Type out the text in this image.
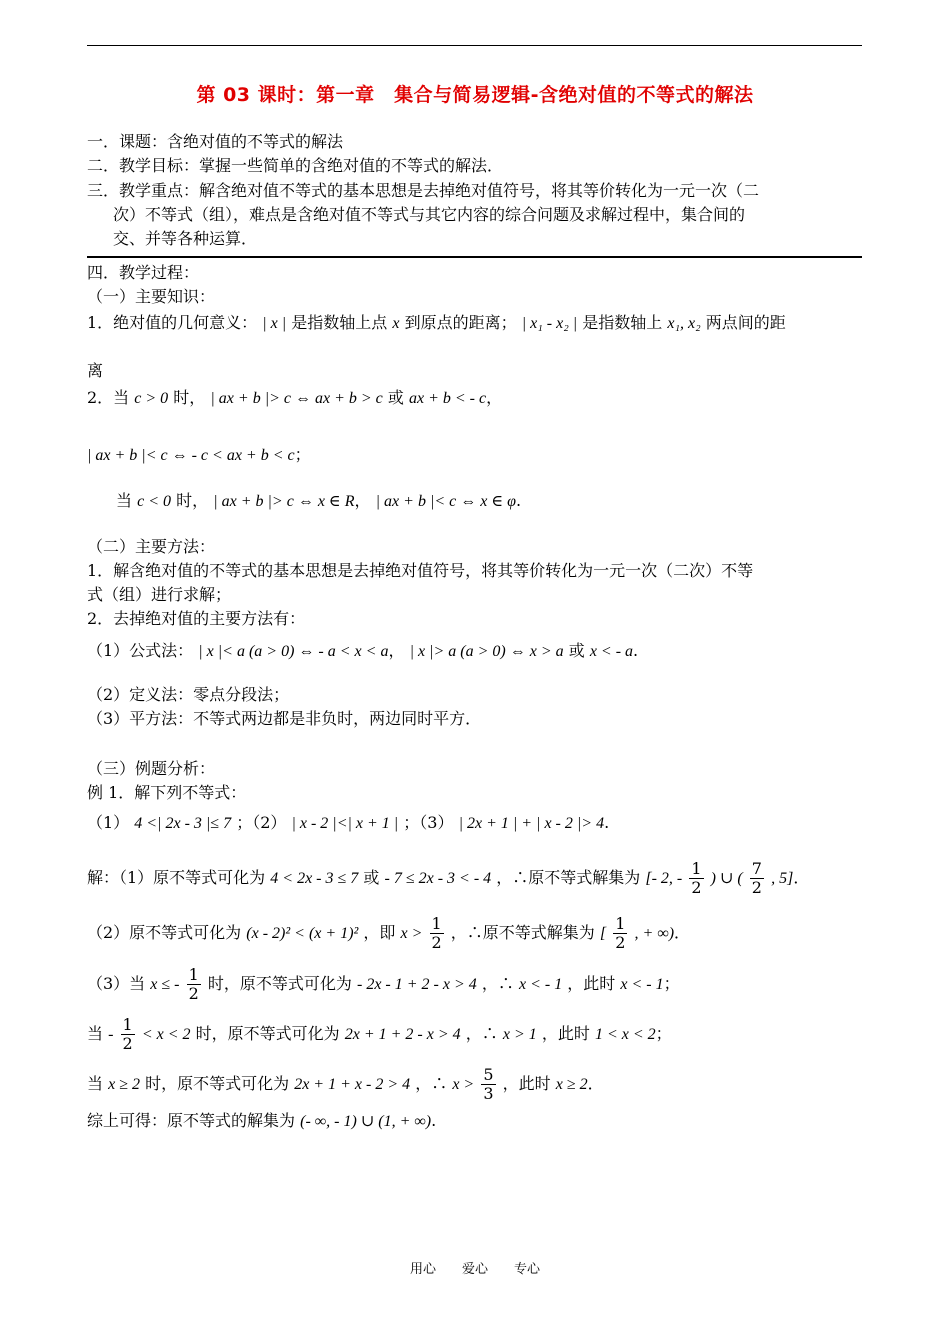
第 03 课时：第一章　集合与简易逻辑-含绝对值的不等式的解法
一．课题：含绝对值的不等式的解法
二．教学目标：掌握一些简单的含绝对值的不等式的解法．
三．教学重点：解含绝对值不等式的基本思想是去掉绝对值符号，将其等价转化为一元一次（二
次）不等式（组），难点是含绝对值不等式与其它内容的综合问题及求解过程中，集合间的
交、并等各种运算．
四．教学过程：
（一）主要知识：
1．绝对值的几何意义： | x | 是指数轴上点 x 到原点的距离； | x₁ - x₂ | 是指数轴上 x₁, x₂ 两点间的距
离
2．当 c > 0 时， | ax + b |> c ⇔ ax + b > c 或 ax + b < - c，
| ax + b |< c ⇔ - c < ax + b < c；
当 c < 0 时， | ax + b |> c ⇔ x ∈ R， | ax + b |< c ⇔ x ∈ φ.
（二）主要方法：
1．解含绝对值的不等式的基本思想是去掉绝对值符号，将其等价转化为一元一次（二次）不等
式（组）进行求解；
2．去掉绝对值的主要方法有：
（1）公式法： | x |< a (a > 0) ⇔ - a < x < a， | x |> a (a > 0) ⇔ x > a 或 x < - a.
（2）定义法：零点分段法；
（3）平方法：不等式两边都是非负时，两边同时平方．
（三）例题分析：
例 1．解下列不等式：
（1） 4 <| 2x - 3 |≤ 7 ；（2） | x - 2 |<| x + 1 | ；（3） | 2x + 1 | + | x - 2 |> 4.
解：（1）原不等式可化为 4 < 2x - 3 ≤ 7 或 - 7 ≤ 2x - 3 < - 4 ，∴原不等式解集为 [- 2, - $\frac{1}{2}$ ) ∪ ( $\frac{7}{2}$ , 5]．
（2）原不等式可化为 (x - 2)² < (x + 1)² ，即 $x > \frac{1}{2}$ ，∴原不等式解集为 [ $\frac{1}{2}$ , + ∞)．
（3）当 x ≤ - $\frac{1}{2}$ 时，原不等式可化为 - 2x - 1 + 2 - x > 4 ，∴ x < - 1 ，此时 x < - 1；
当 - $\frac{1}{2} < x < 2$ 时，原不等式可化为 2x + 1 + 2 - x > 4 ，∴ x > 1 ，此时 1 < x < 2；
当 x ≥ 2 时，原不等式可化为 2x + 1 + x - 2 > 4 ，∴ $x > \frac{5}{3}$ ，此时 x ≥ 2．
综上可得：原不等式的解集为 (- ∞, - 1) ∪ (1, + ∞).
用心　　爱心　　专心
